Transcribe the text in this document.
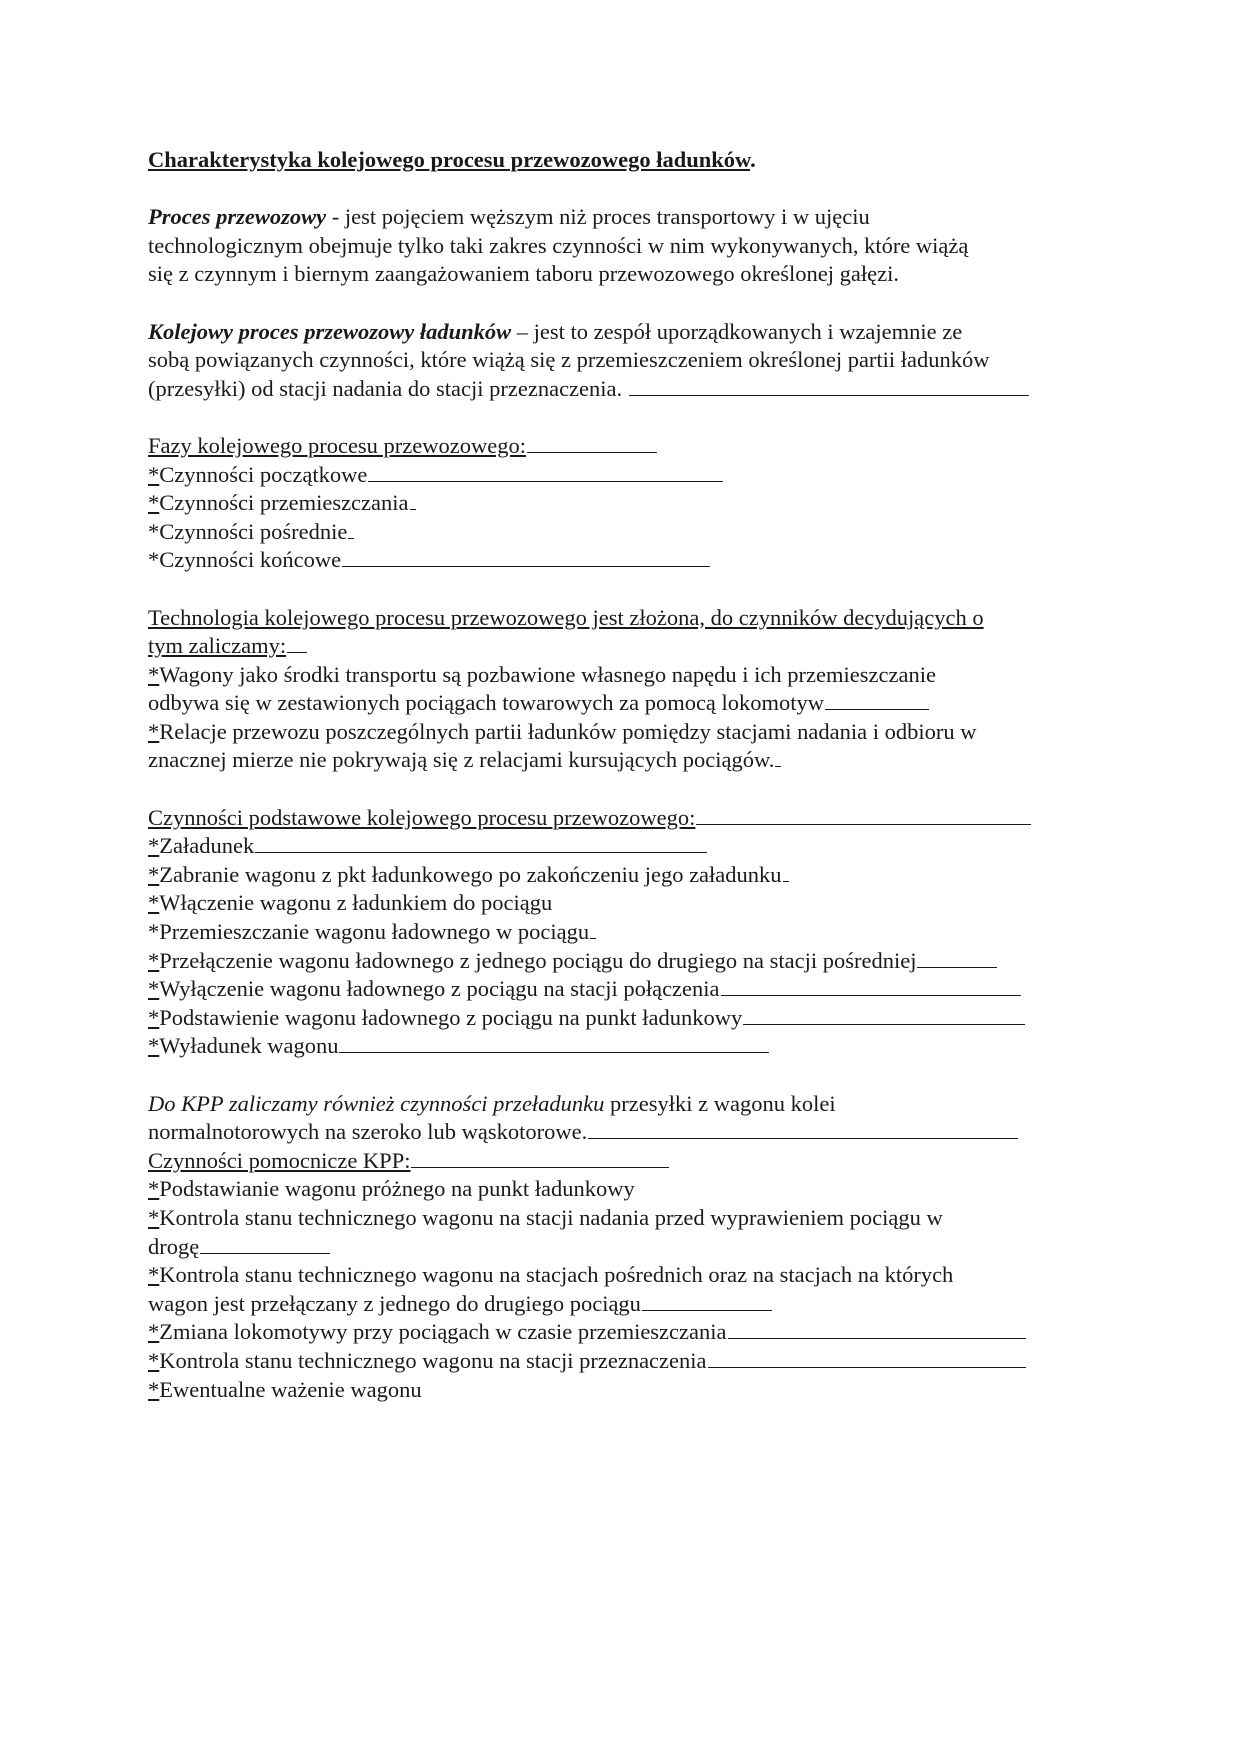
Charakterystyka kolejowego procesu przewozowego ładunków.
Proces przewozowy - jest pojęciem węższym niż proces transportowy i w ujęciu
technologicznym obejmuje tylko taki zakres czynności w nim wykonywanych, które wiążą
się z czynnym i biernym zaangażowaniem taboru przewozowego określonej gałęzi.
Kolejowy proces przewozowy ładunków – jest to zespół uporządkowanych i wzajemnie ze
sobą powiązanych czynności, które wiążą się z przemieszczeniem określonej partii ładunków
(przesyłki) od stacji nadania do stacji przeznaczenia.
Fazy kolejowego procesu przewozowego:
*Czynności początkowe
*Czynności przemieszczania
*Czynności pośrednie
*Czynności końcowe
Technologia kolejowego procesu przewozowego jest złożona, do czynników decydujących o
tym zaliczamy:
*Wagony jako środki transportu są pozbawione własnego napędu i ich przemieszczanie
odbywa się w zestawionych pociągach towarowych za pomocą lokomotyw
*Relacje przewozu poszczególnych partii ładunków pomiędzy stacjami nadania i odbioru w
znacznej mierze nie pokrywają się z relacjami kursujących pociągów.
Czynności podstawowe kolejowego procesu przewozowego:
*Załadunek
*Zabranie wagonu z pkt ładunkowego po zakończeniu jego załadunku
*Włączenie wagonu z ładunkiem do pociągu
*Przemieszczanie wagonu ładownego w pociągu
*Przełączenie wagonu ładownego z jednego pociągu do drugiego na stacji pośredniej
*Wyłączenie wagonu ładownego z pociągu na stacji połączenia
*Podstawienie wagonu ładownego z pociągu na punkt ładunkowy
*Wyładunek wagonu
Do KPP zaliczamy również czynności przeładunku przesyłki z wagonu kolei
normalnotorowych na szeroko lub wąskotorowe.
Czynności pomocnicze KPP:
*Podstawianie wagonu próżnego na punkt ładunkowy
*Kontrola stanu technicznego wagonu na stacji nadania przed wyprawieniem pociągu w
drogę
*Kontrola stanu technicznego wagonu na stacjach pośrednich oraz na stacjach na których
wagon jest przełączany z jednego do drugiego pociągu
*Zmiana lokomotywy przy pociągach w czasie przemieszczania
*Kontrola stanu technicznego wagonu na stacji przeznaczenia
*Ewentualne ważenie wagonu
